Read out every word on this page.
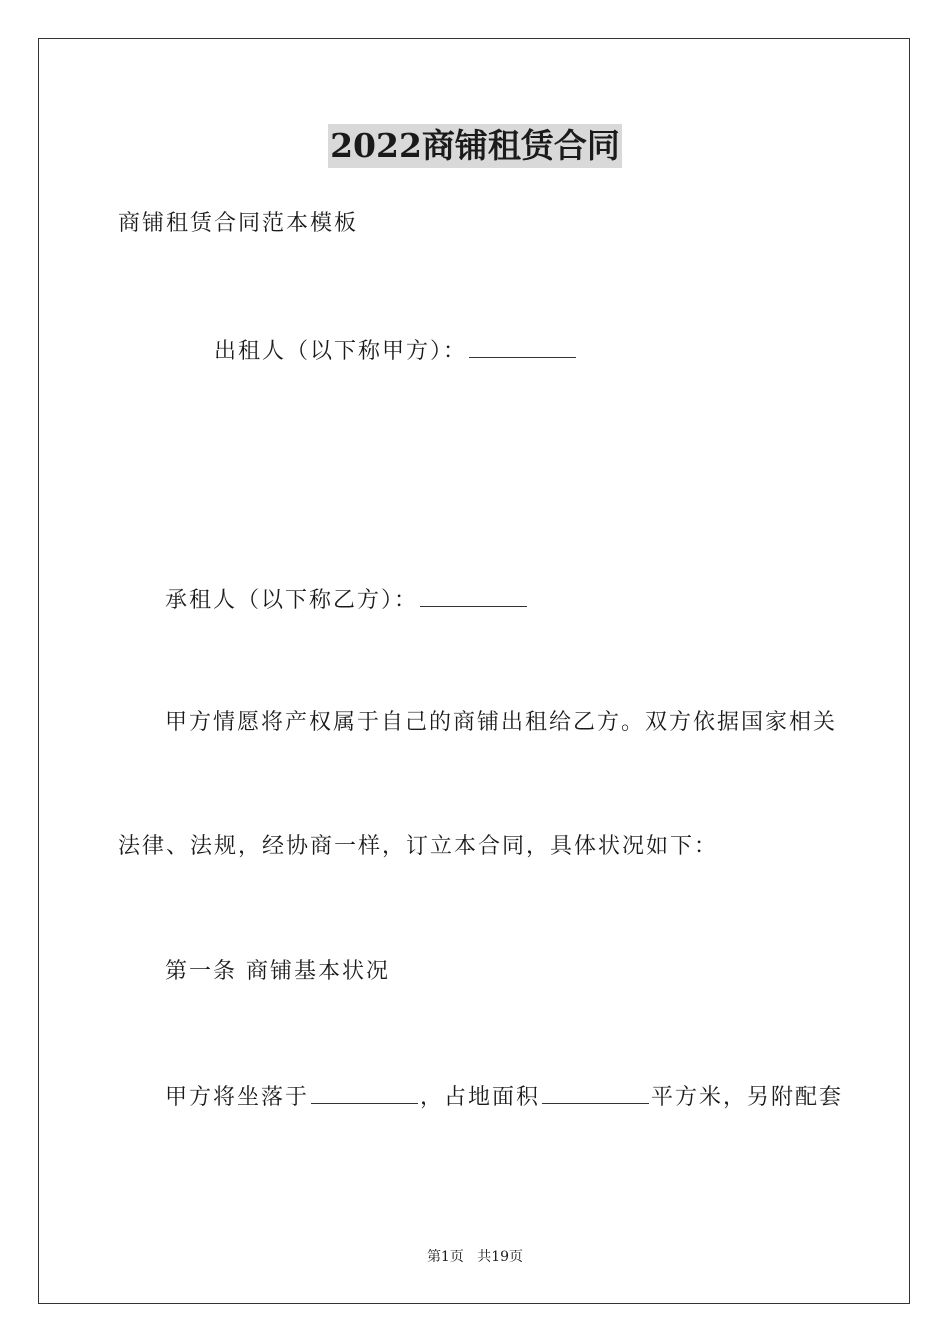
2022商铺租赁合同
商铺租赁合同范本模板
出租人（以下称甲方）：
承租人（以下称乙方）：
甲方情愿将产权属于自己的商铺出租给乙方。双方依据国家相关
法律、法规，经协商一样，订立本合同，具体状况如下：
第一条 商铺基本状况
甲方将坐落于	，占地面积	平方米，另附配套
第1页 共19页
